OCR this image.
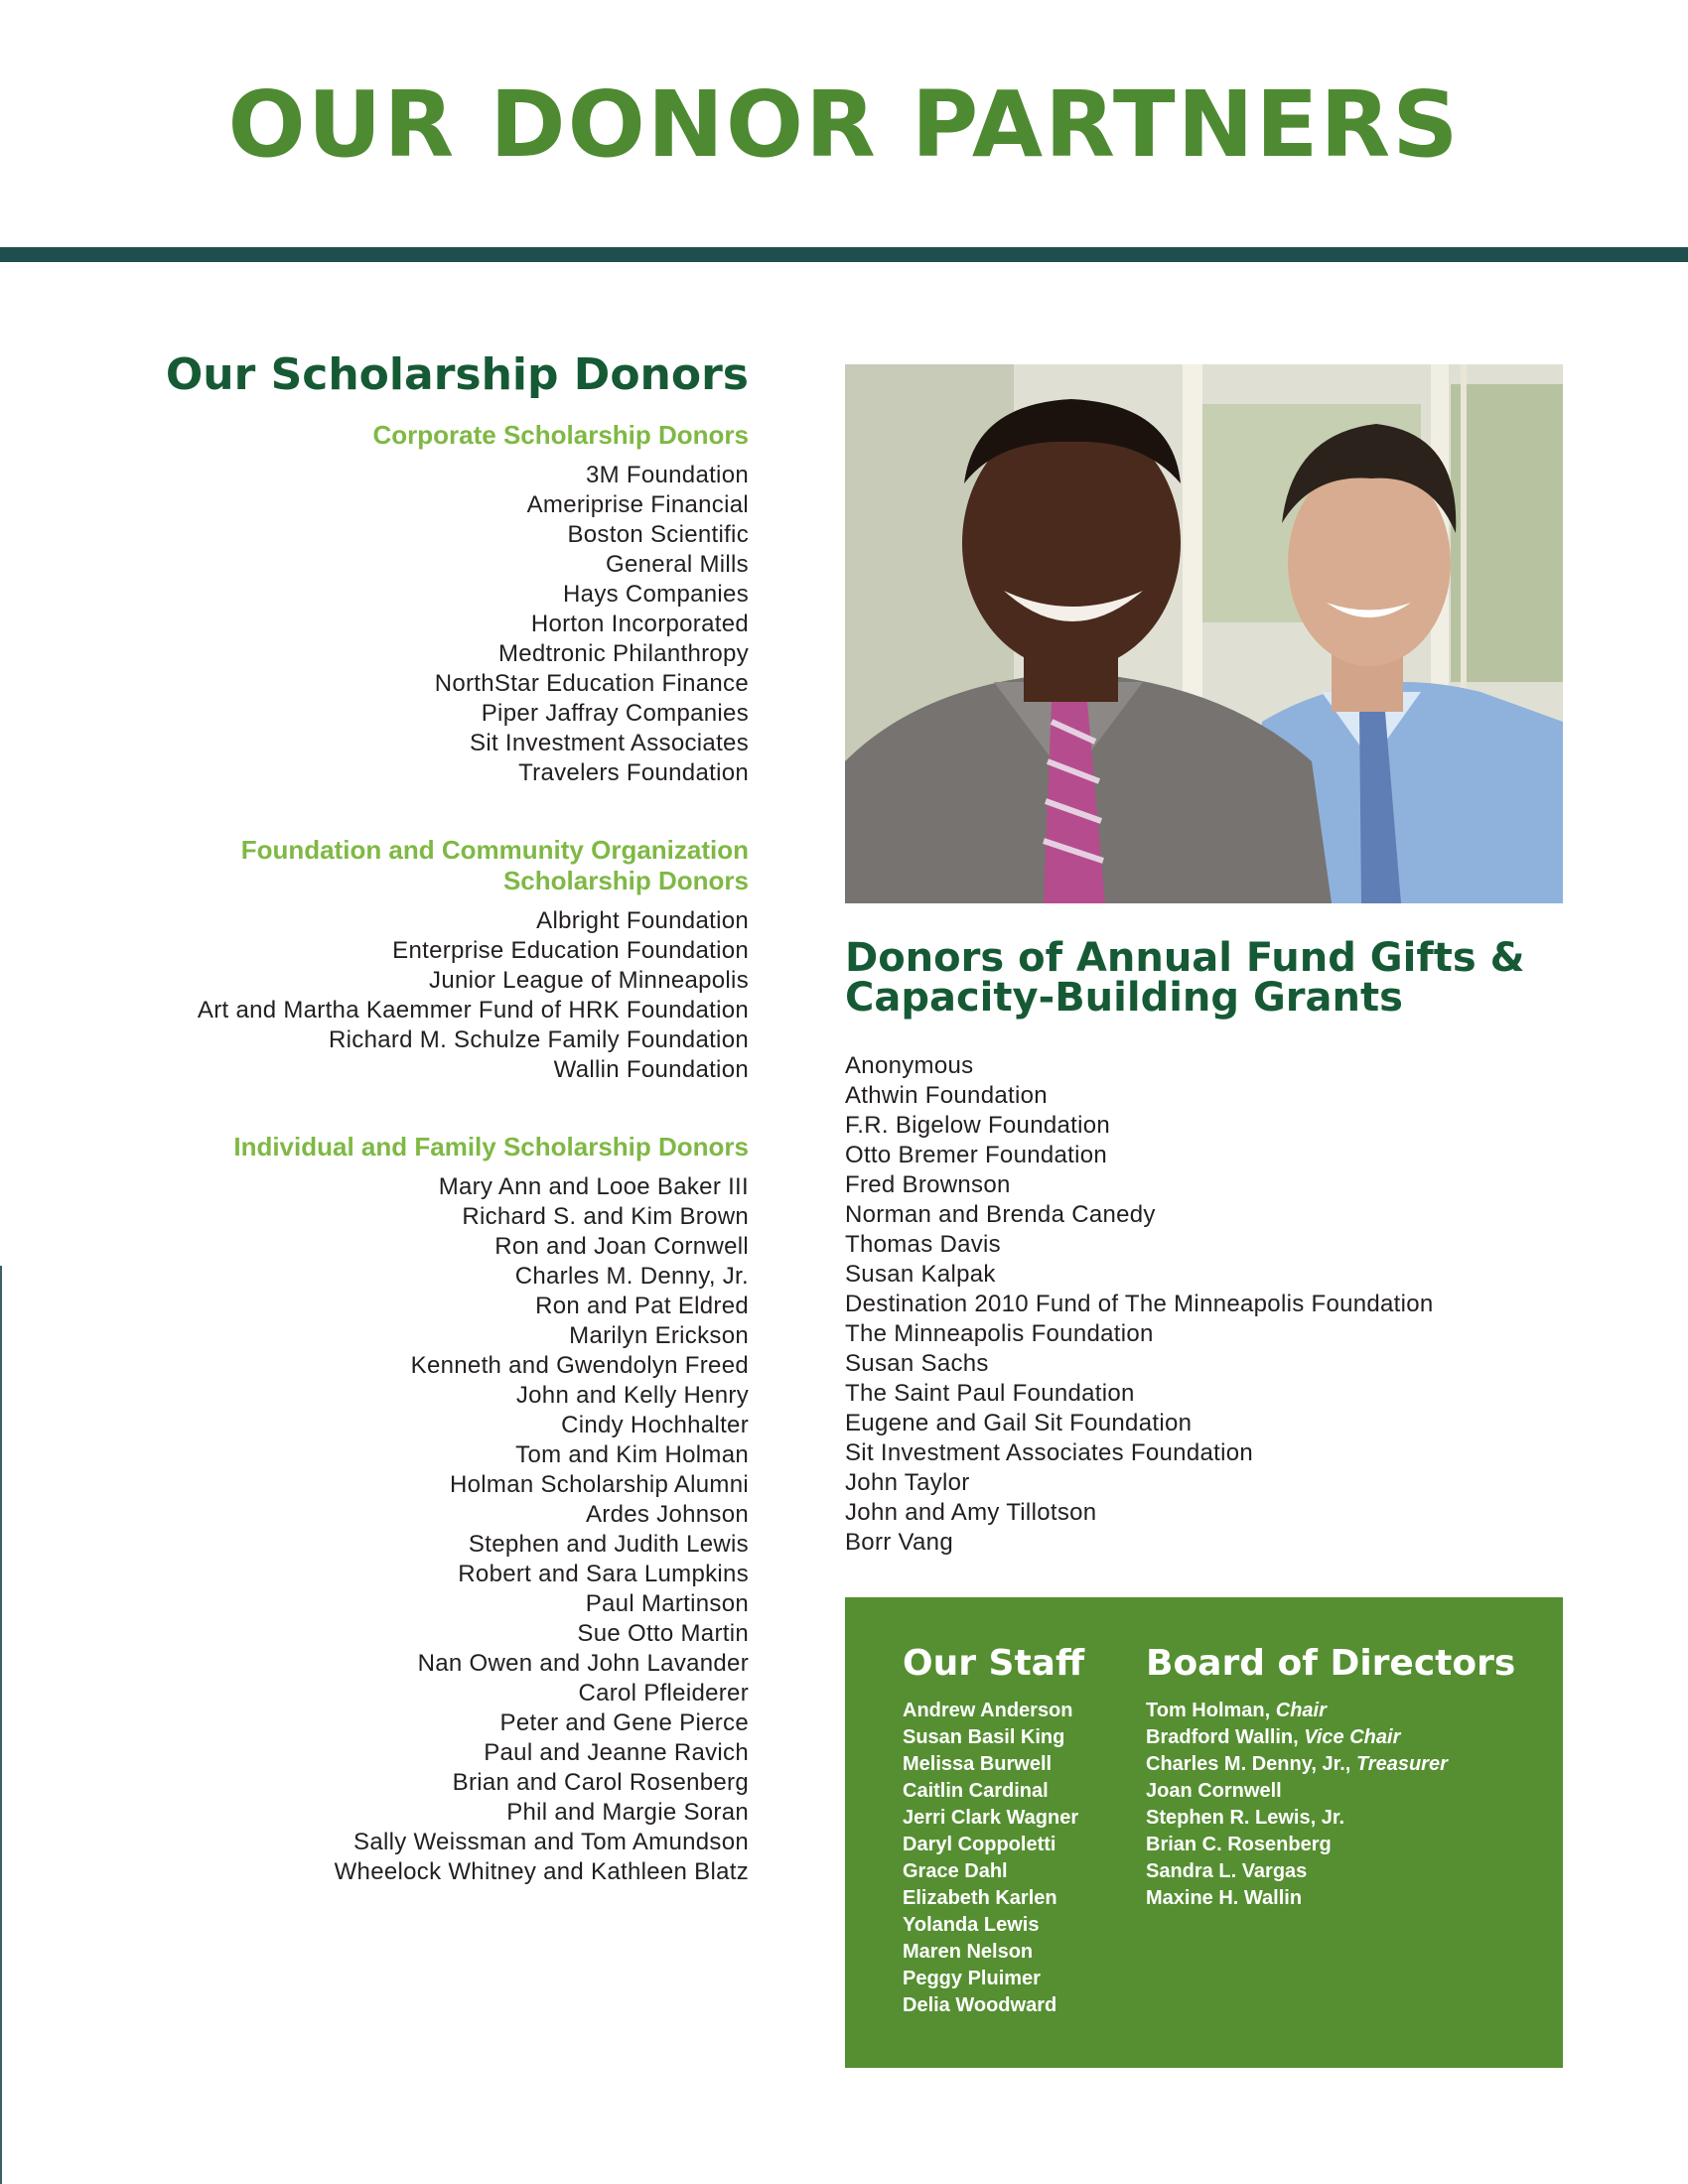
OUR DONOR PARTNERS
Our Scholarship Donors
Corporate Scholarship Donors
3M Foundation
Ameriprise Financial
Boston Scientific
General Mills
Hays Companies
Horton Incorporated
Medtronic Philanthropy
NorthStar Education Finance
Piper Jaffray Companies
Sit Investment Associates
Travelers Foundation
Foundation and Community Organization
Scholarship Donors
Albright Foundation
Enterprise Education Foundation
Junior League of Minneapolis
Art and Martha Kaemmer Fund of HRK Foundation
Richard M. Schulze Family Foundation
Wallin Foundation
Individual and Family Scholarship Donors
Mary Ann and Looe Baker III
Richard S. and Kim Brown
Ron and Joan Cornwell
Charles M. Denny, Jr.
Ron and Pat Eldred
Marilyn Erickson
Kenneth and Gwendolyn Freed
John and Kelly Henry
Cindy Hochhalter
Tom and Kim Holman
Holman Scholarship Alumni
Ardes Johnson
Stephen and Judith Lewis
Robert and Sara Lumpkins
Paul Martinson
Sue Otto Martin
Nan Owen and John Lavander
Carol Pfleiderer
Peter and Gene Pierce
Paul and Jeanne Ravich
Brian and Carol Rosenberg
Phil and Margie Soran
Sally Weissman and Tom Amundson
Wheelock Whitney and Kathleen Blatz
Donors of Annual Fund Gifts &
Capacity-Building Grants
Anonymous
Athwin Foundation
F.R. Bigelow Foundation
Otto Bremer Foundation
Fred Brownson
Norman and Brenda Canedy
Thomas Davis
Susan Kalpak
Destination 2010 Fund of The Minneapolis Foundation
The Minneapolis Foundation
Susan Sachs
The Saint Paul Foundation
Eugene and Gail Sit Foundation
Sit Investment Associates Foundation
John Taylor
John and Amy Tillotson
Borr Vang
Our Staff
Andrew Anderson
Susan Basil King
Melissa Burwell
Caitlin Cardinal
Jerri Clark Wagner
Daryl Coppoletti
Grace Dahl
Elizabeth Karlen
Yolanda Lewis
Maren Nelson
Peggy Pluimer
Delia Woodward
Board of Directors
Tom Holman, Chair
Bradford Wallin, Vice Chair
Charles M. Denny, Jr., Treasurer
Joan Cornwell
Stephen R. Lewis, Jr.
Brian C. Rosenberg
Sandra L. Vargas
Maxine H. Wallin
